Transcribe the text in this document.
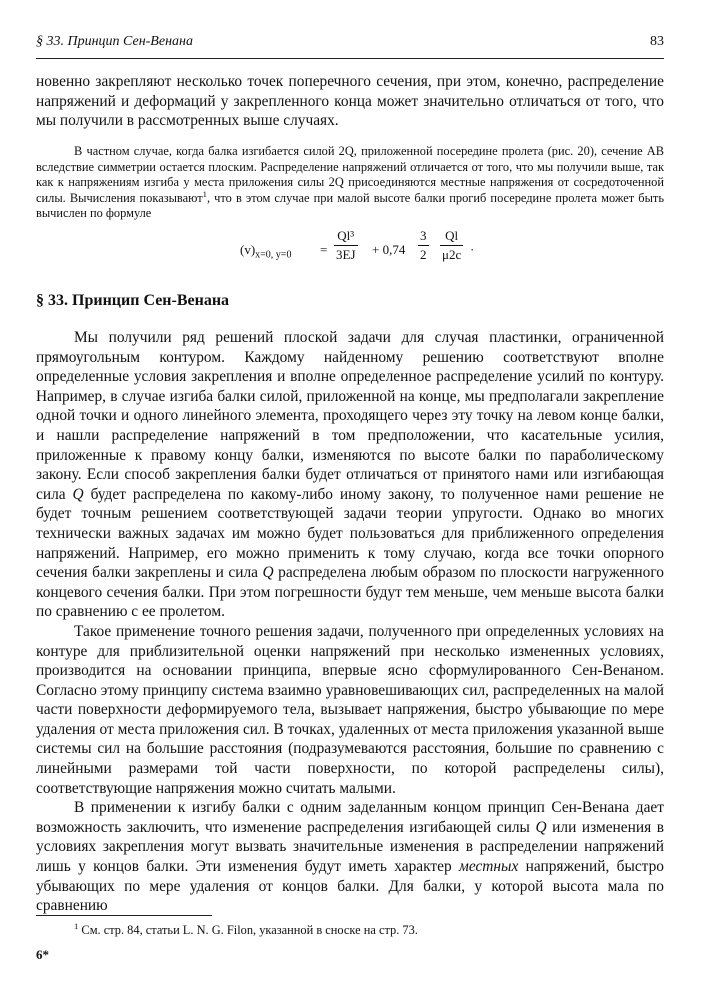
§ 33. Принцип Сен-Венана	83

новенно закрепляют несколько точек поперечного сечения, при этом, конечно, распределение напряжений и деформаций у закрепленного конца может значительно отличаться от того, что мы получили в рассмотренных выше случаях.

В частном случае, когда балка изгибается силой 2Q, приложенной посередине пролета (рис. 20), сечение AB вследствие симметрии остается плоским. Распределение напряжений отличается от того, что мы получили выше, так как к напряжениям изгиба у места приложения силы 2Q присоединяются местные напряжения от сосредоточенной силы. Вычисления показывают$^1$, что в этом случае при малой высоте балки прогиб посередине пролета может быть вычислен по формуле

$(v)_{x=0, y=0}$ =
Ql³
3EJ + 0,74
3
2
Ql
μ2c ·
§ 33. Принцип Сен-Венана

Мы получили ряд решений плоской задачи для случая пластинки, ограниченной прямоугольным контуром. Каждому найденному решению соответствуют вполне определенные условия закрепления и вполне определенное распределение усилий по контуру. Например, в случае изгиба балки силой, приложенной на конце, мы предполагали закрепление одной точки и одного линейного элемента, проходящего через эту точку на левом конце балки, и нашли распределение напряжений в том предположении, что касательные усилия, приложенные к правому концу балки, изменяются по высоте балки по параболическому закону. Если способ закрепления балки будет отличаться от принятого нами или изгибающая сила Q будет распределена по какому-либо иному закону, то полученное нами решение не будет точным решением соответствующей задачи теории упругости. Однако во многих технически важных задачах им можно будет пользоваться для приближенного определения напряжений. Например, его можно применить к тому случаю, когда все точки опорного сечения балки закреплены и сила Q распределена любым образом по плоскости нагруженного концевого сечения балки. При этом погрешности будут тем меньше, чем меньше высота балки по сравнению с ее пролетом.

Такое применение точного решения задачи, полученного при определенных условиях на контуре для приблизительной оценки напряжений при несколько измененных условиях, производится на основании принципа, впервые ясно сформулированного Сен-Венаном. Согласно этому принципу система взаимно уравновешивающих сил, распределенных на малой части поверхности деформируемого тела, вызывает напряжения, быстро убывающие по мере удаления от места приложения сил. В точках, удаленных от места приложения указанной выше системы сил на большие расстояния (подразумеваются расстояния, большие по сравнению с линейными размерами той части поверхности, по которой распределены силы), соответствующие напряжения можно считать малыми.

В применении к изгибу балки с одним заделанным концом принцип Сен-Венана дает возможность заключить, что изменение распределения изгибающей силы Q или изменения в условиях закрепления могут вызвать значительные изменения в распределении напряжений лишь у концов балки. Эти изменения будут иметь характер местных напряжений, быстро убывающих по мере удаления от концов балки. Для балки, у которой высота мала по сравнению

$^1$ См. стр. 84, статьи L. N. G. Filon, указанной в сноске на стр. 73.
6*
